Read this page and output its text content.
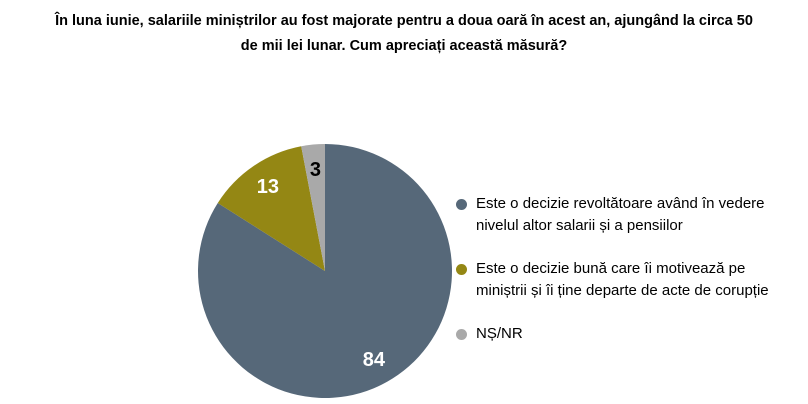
În luna iunie, salariile miniștrilor au fost majorate pentru a doua oară în acest an, ajungând la circa 50
de mii lei lunar. Cum apreciați această măsură?
84
13
3
Este o decizie revoltătoare având în vedere nivelul altor salarii și a pensiilor
Este o decizie bună care îi motivează pe miniștrii și îi ține departe de acte de corupție
NȘ/NR
